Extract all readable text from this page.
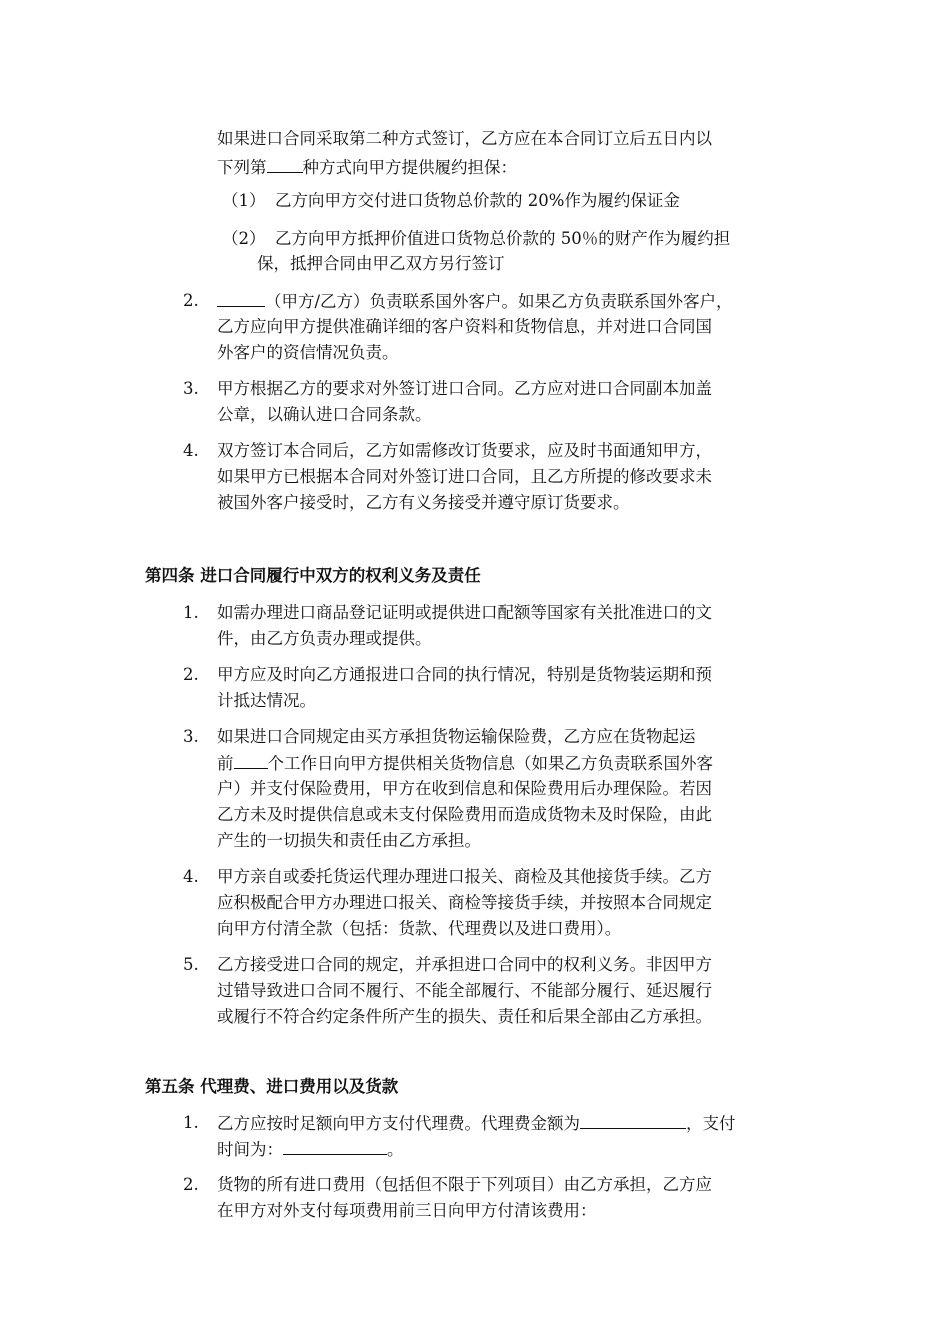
如果进口合同采取第二种方式签订，乙方应在本合同订立后五日内以
下列第 种方式向甲方提供履约担保：
（1） 乙方向甲方交付进口货物总价款的 20%作为履约保证金
（2） 乙方向甲方抵押价值进口货物总价款的 50％的财产作为履约担
保，抵押合同由甲乙双方另行签订
2.	（甲方/乙方）负责联系国外客户。如果乙方负责联系国外客户，
乙方应向甲方提供准确详细的客户资料和货物信息，并对进口合同国
外客户的资信情况负责。
3.	甲方根据乙方的要求对外签订进口合同。乙方应对进口合同副本加盖
公章，以确认进口合同条款。
4.	双方签订本合同后，乙方如需修改订货要求，应及时书面通知甲方，
如果甲方已根据本合同对外签订进口合同，且乙方所提的修改要求未
被国外客户接受时，乙方有义务接受并遵守原订货要求。
第四条 进口合同履行中双方的权利义务及责任
1.	如需办理进口商品登记证明或提供进口配额等国家有关批准进口的文
件，由乙方负责办理或提供。
2.	甲方应及时向乙方通报进口合同的执行情况，特别是货物装运期和预
计抵达情况。
3.	如果进口合同规定由买方承担货物运输保险费，乙方应在货物起运
前 个工作日向甲方提供相关货物信息（如果乙方负责联系国外客
户）并支付保险费用，甲方在收到信息和保险费用后办理保险。若因
乙方未及时提供信息或未支付保险费用而造成货物未及时保险，由此
产生的一切损失和责任由乙方承担。
4.	甲方亲自或委托货运代理办理进口报关、商检及其他接货手续。乙方
应积极配合甲方办理进口报关、商检等接货手续，并按照本合同规定
向甲方付清全款（包括：货款、代理费以及进口费用）。
5.	乙方接受进口合同的规定，并承担进口合同中的权利义务。非因甲方
过错导致进口合同不履行、不能全部履行、不能部分履行、延迟履行
或履行不符合约定条件所产生的损失、责任和后果全部由乙方承担。
第五条 代理费、进口费用以及货款
1.	乙方应按时足额向甲方支付代理费。代理费金额为	，支付
时间为：	。
2.	货物的所有进口费用（包括但不限于下列项目）由乙方承担，乙方应
在甲方对外支付每项费用前三日向甲方付清该费用：
